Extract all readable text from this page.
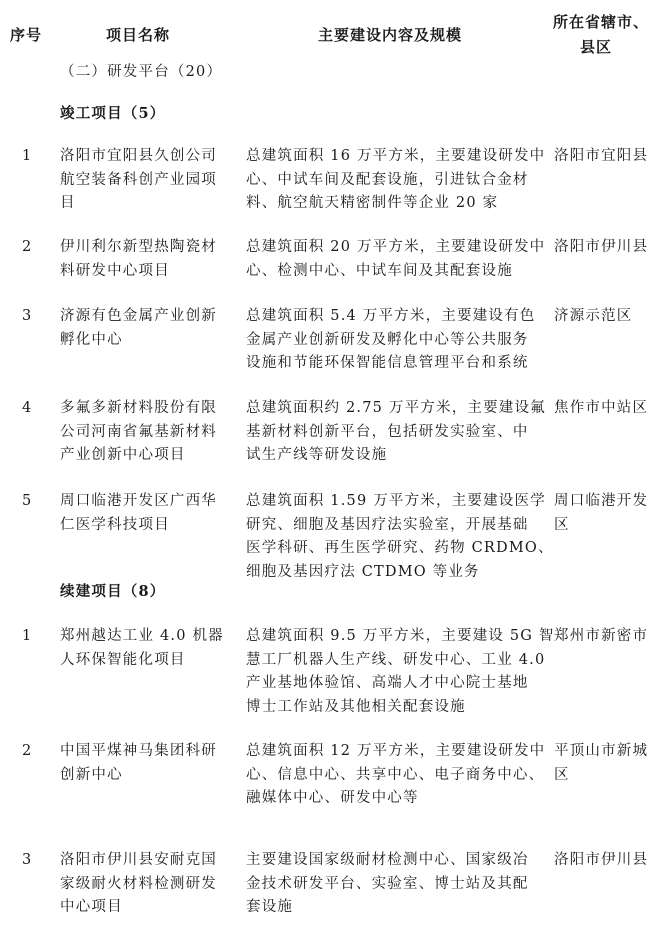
序号	项目名称	主要建设内容及规模
所在省辖市、
县区
（二）研发平台（20）
竣工项目（5）
续建项目（8）
1 洛阳市宜阳县久创公司
航空装备科创产业园项
目
总建筑面积 16 万平方米，主要建设研发中
心、中试车间及配套设施，引进钛合金材
料、航空航天精密制件等企业 20 家
洛阳市宜阳县
2 伊川利尔新型热陶瓷材
料研发中心项目
总建筑面积 20 万平方米，主要建设研发中
心、检测中心、中试车间及其配套设施
洛阳市伊川县
3 济源有色金属产业创新
孵化中心
总建筑面积 5.4 万平方米，主要建设有色
金属产业创新研发及孵化中心等公共服务
设施和节能环保智能信息管理平台和系统
济源示范区
4 多氟多新材料股份有限
公司河南省氟基新材料
产业创新中心项目
总建筑面积约 2.75 万平方米，主要建设氟
基新材料创新平台，包括研发实验室、中
试生产线等研发设施
焦作市中站区
5 周口临港开发区广西华
仁医学科技项目
总建筑面积 1.59 万平方米，主要建设医学
研究、细胞及基因疗法实验室，开展基础
医学科研、再生医学研究、药物 CRDMO、
细胞及基因疗法 CTDMO 等业务
周口临港开发
区
1 郑州越达工业 4.0 机器
人环保智能化项目
总建筑面积 9.5 万平方米，主要建设 5G 智
慧工厂机器人生产线、研发中心、工业 4.0
产业基地体验馆、高端人才中心院士基地
博士工作站及其他相关配套设施
郑州市新密市
2 中国平煤神马集团科研
创新中心
总建筑面积 12 万平方米，主要建设研发中
心、信息中心、共享中心、电子商务中心、
融媒体中心、研发中心等
平顶山市新城
区
3 洛阳市伊川县安耐克国
家级耐火材料检测研发
中心项目
主要建设国家级耐材检测中心、国家级冶
金技术研发平台、实验室、博士站及其配
套设施
洛阳市伊川县
